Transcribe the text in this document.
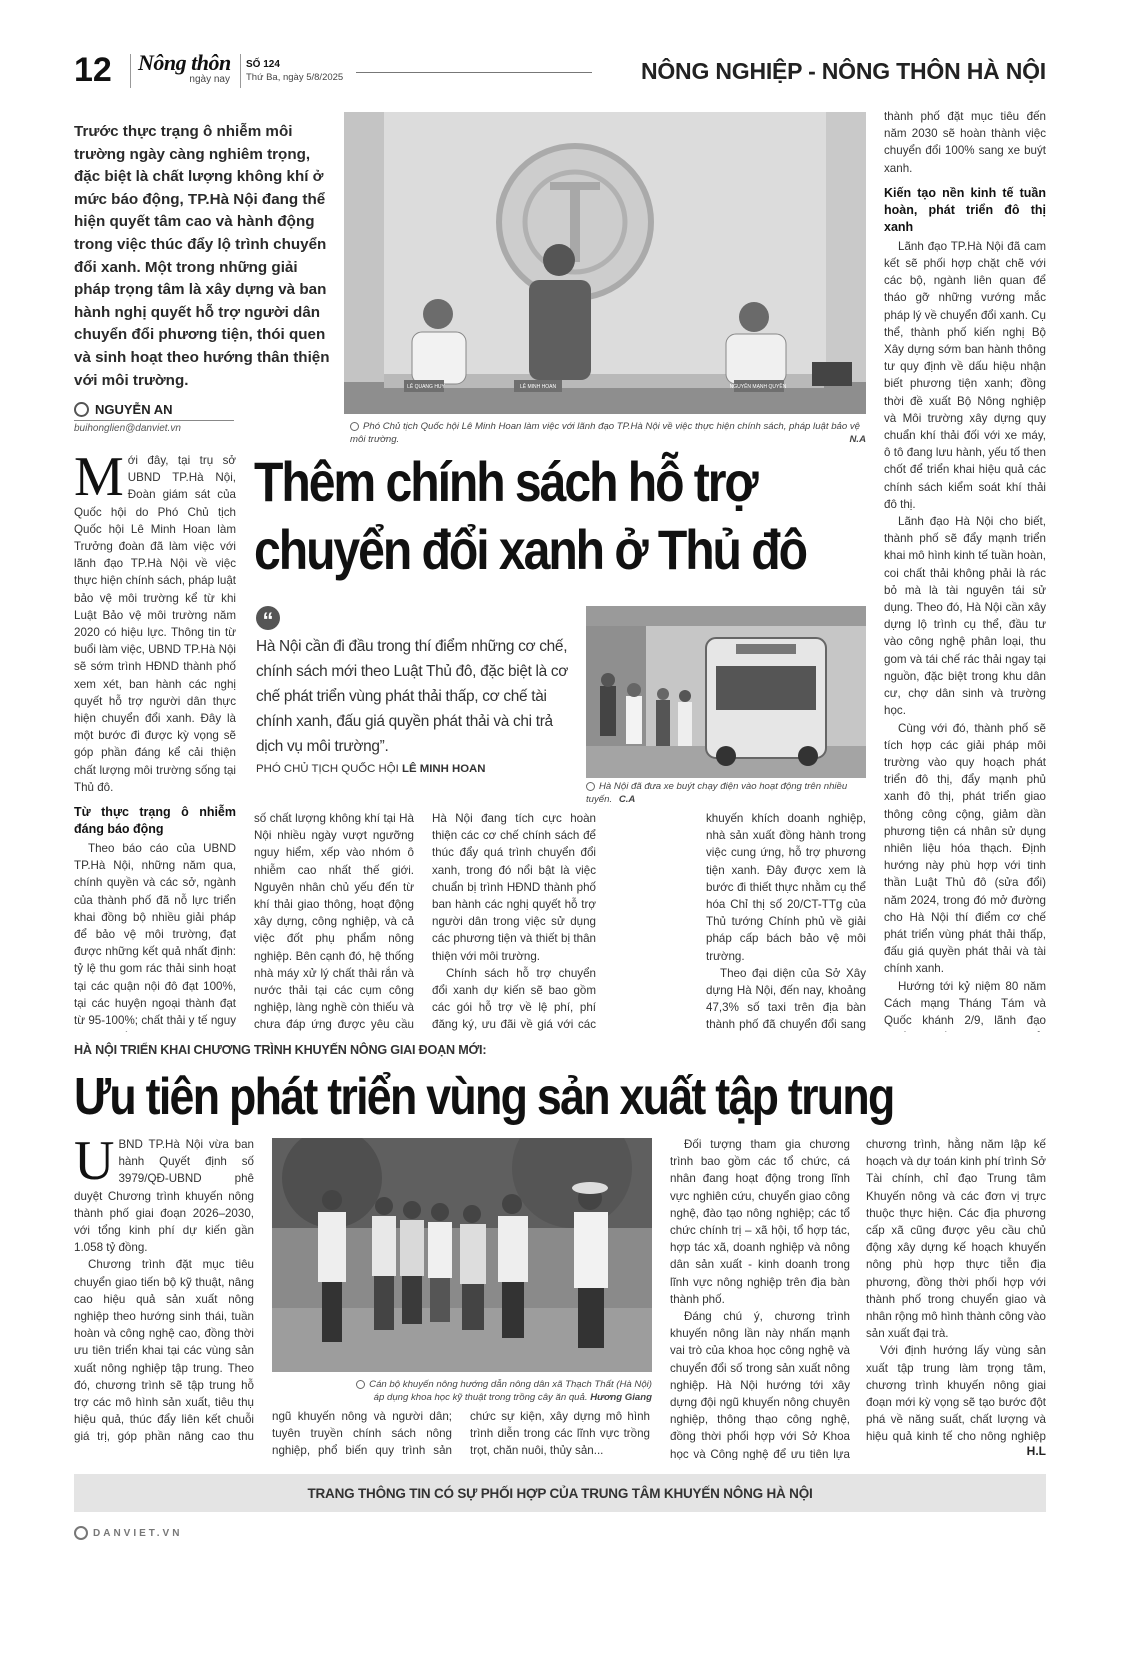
12 Nông thôn
ngày nay
SỐ 124
Thứ Ba, ngày 5/8/2025	NÔNG NGHIỆP - NÔNG THÔN HÀ NỘI
Trước thực trạng ô nhiễm môi trường ngày càng nghiêm trọng, đặc biệt là chất lượng không khí ở mức báo động, TP.Hà Nội đang thể hiện quyết tâm cao và hành động trong việc thúc đẩy lộ trình chuyển đổi xanh. Một trong những giải pháp trọng tâm là xây dựng và ban hành nghị quyết hỗ trợ người dân chuyển đổi phương tiện, thói quen và sinh hoạt theo hướng thân thiện với môi trường.
NGUYỄN AN
buihonglien@danviet.vn
LÊ QUANG HUY	LÊ MINH HOAN	NGUYỄN MẠNH QUYỀN
Phó Chủ tịch Quốc hội Lê Minh Hoan làm việc với lãnh đạo TP.Hà Nội về việc thực hiện chính sách, pháp luật bảo vệ môi trường.	N.A
Thêm chính sách hỗ trợ
chuyển đổi xanh ở Thủ đô
“
Hà Nội cần đi đầu trong thí điểm những cơ chế, chính sách mới theo Luật Thủ đô, đặc biệt là cơ chế phát triển vùng phát thải thấp, cơ chế tài chính xanh, đấu giá quyền phát thải và chi trả dịch vụ môi trường”.
PHÓ CHỦ TỊCH QUỐC HỘI LÊ MINH HOAN
Hà Nội đã đưa xe buýt chạy điện vào hoạt động trên nhiều tuyến. C.A

Mới đây, tại trụ sở UBND TP.Hà Nội, Đoàn giám sát của Quốc hội do Phó Chủ tịch Quốc hội Lê Minh Hoan làm Trưởng đoàn đã làm việc với lãnh đạo TP.Hà Nội về việc thực hiện chính sách, pháp luật bảo vệ môi trường kể từ khi Luật Bảo vệ môi trường năm 2020 có hiệu lực. Thông tin từ buổi làm việc, UBND TP.Hà Nội sẽ sớm trình HĐND thành phố xem xét, ban hành các nghị quyết hỗ trợ người dân thực hiện chuyển đổi xanh. Đây là một bước đi được kỳ vọng sẽ góp phần đáng kể cải thiện chất lượng môi trường sống tại Thủ đô.

Từ thực trạng ô nhiễm đáng báo động

Theo báo cáo của UBND TP.Hà Nội, những năm qua, chính quyền và các sở, ngành của thành phố đã nỗ lực triển khai đồng bộ nhiều giải pháp để bảo vệ môi trường, đạt được những kết quả nhất định: tỷ lệ thu gom rác thải sinh hoạt tại các quận nội đô đạt 100%, tại các huyện ngoại thành đạt từ 95-100%; chất thải y tế nguy

số chất lượng không khí tại Hà Nội nhiều ngày vượt ngưỡng nguy hiểm, xếp vào nhóm ô nhiễm cao nhất thế giới. Nguyên nhân chủ yếu đến từ khí thải giao thông, hoạt động xây dựng, công nghiệp, và cả việc đốt phụ phẩm nông nghiệp. Bên cạnh đó, hệ thống nhà máy xử lý chất thải rắn và nước thải tại các cụm công nghiệp, làng nghề còn thiếu và chưa đáp ứng được yêu cầu

Hà Nội đang tích cực hoàn thiện các cơ chế chính sách để thúc đẩy quá trình chuyển đổi xanh, trong đó nổi bật là việc chuẩn bị trình HĐND thành phố ban hành các nghị quyết hỗ trợ người dân trong việc sử dụng các phương tiện và thiết bị thân thiện với môi trường.

Chính sách hỗ trợ chuyển đổi xanh dự kiến sẽ bao gồm các gói hỗ trợ về lệ phí, phí đăng ký, ưu đãi về giá với các

khuyến khích doanh nghiệp, nhà sản xuất đồng hành trong việc cung ứng, hỗ trợ phương tiện xanh. Đây được xem là bước đi thiết thực nhằm cụ thể hóa Chỉ thị số 20/CT-TTg của Thủ tướng Chính phủ về giải pháp cấp bách bảo vệ môi trường.

Theo đại diện của Sở Xây dựng Hà Nội, đến nay, khoảng 47,3% số taxi trên địa bàn thành phố đã chuyển đổi sang

thành phố đặt mục tiêu đến năm 2030 sẽ hoàn thành việc chuyển đổi 100% sang xe buýt xanh.

Kiến tạo nền kinh tế tuần hoàn, phát triển đô thị xanh

Lãnh đạo TP.Hà Nội đã cam kết sẽ phối hợp chặt chẽ với các bộ, ngành liên quan để tháo gỡ những vướng mắc pháp lý về chuyển đổi xanh. Cụ thể, thành phố kiến nghị Bộ Xây dựng sớm ban hành thông tư quy định về dấu hiệu nhận biết phương tiện xanh; đồng thời đề xuất Bộ Nông nghiệp và Môi trường xây dựng quy chuẩn khí thải đối với xe máy, ô tô đang lưu hành, yếu tố then chốt để triển khai hiệu quả các chính sách kiểm soát khí thải đô thị.

Lãnh đạo Hà Nội cho biết, thành phố sẽ đẩy mạnh triển khai mô hình kinh tế tuần hoàn, coi chất thải không phải là rác bỏ mà là tài nguyên tái sử dụng. Theo đó, Hà Nội cần xây dựng lộ trình cụ thể, đầu tư vào công nghệ phân loại, thu gom và tái chế rác thải ngay tại nguồn, đặc biệt trong khu dân cư, chợ dân sinh và trường học.

Cùng với đó, thành phố sẽ tích hợp các giải pháp môi trường vào quy hoạch phát triển đô thị, đẩy mạnh phủ xanh đô thị, phát triển giao thông công cộng, giảm dần phương tiện cá nhân sử dụng nhiên liệu hóa thạch. Định hướng này phù hợp với tinh thần Luật Thủ đô (sửa đổi) năm 2024, trong đó mở đường cho Hà Nội thí điểm cơ chế phát triển vùng phát thải thấp, đấu giá quyền phát thải và tài chính xanh.

Hướng tới kỷ niệm 80 năm Cách mạng Tháng Tám và Quốc khánh 2/9, lãnh đạo

HÀ NỘI TRIỂN KHAI CHƯƠNG TRÌNH KHUYẾN NÔNG GIAI ĐOẠN MỚI:
Ưu tiên phát triển vùng sản xuất tập trung

UBND TP.Hà Nội vừa ban hành Quyết định số 3979/QĐ-UBND phê duyệt Chương trình khuyến nông thành phố giai đoạn 2026–2030, với tổng kinh phí dự kiến gần 1.058 tỷ đồng.

Chương trình đặt mục tiêu chuyển giao tiến bộ kỹ thuật, nâng cao hiệu quả sản xuất nông nghiệp theo hướng sinh thái, tuần hoàn và công nghệ cao, đồng thời ưu tiên triển khai tại các vùng sản xuất nông nghiệp tập trung. Theo đó, chương trình sẽ tập trung hỗ trợ các mô hình sản xuất, tiêu thụ hiệu quả, thúc đẩy liên kết chuỗi giá trị, góp phần nâng cao thu

Cán bộ khuyến nông hướng dẫn nông dân xã Thạch Thất (Hà Nội)
áp dụng khoa học kỹ thuật trong trồng cây ăn quả. Hương Giang

ngũ khuyến nông và người dân; tuyên truyền chính sách nông nghiệp, phổ biến quy trình sản

chức sự kiện, xây dựng mô hình trình diễn trong các lĩnh vực trồng trọt, chăn nuôi, thủy sản...

Đối tượng tham gia chương trình bao gồm các tổ chức, cá nhân đang hoạt động trong lĩnh vực nghiên cứu, chuyển giao công nghệ, đào tạo nông nghiệp; các tổ chức chính trị – xã hội, tổ hợp tác, hợp tác xã, doanh nghiệp và nông dân sản xuất - kinh doanh trong lĩnh vực nông nghiệp trên địa bàn thành phố.

Đáng chú ý, chương trình khuyến nông lần này nhấn mạnh vai trò của khoa học công nghệ và chuyển đổi số trong sản xuất nông nghiệp. Hà Nội hướng tới xây dựng đội ngũ khuyến nông chuyên nghiệp, thông thạo công nghệ, đồng thời phối hợp với Sở Khoa học và Công nghệ để ưu tiên lựa

chương trình, hằng năm lập kế hoạch và dự toán kinh phí trình Sở Tài chính, chỉ đạo Trung tâm Khuyến nông và các đơn vị trực thuộc thực hiện. Các địa phương cấp xã cũng được yêu cầu chủ động xây dựng kế hoạch khuyến nông phù hợp thực tiễn địa phương, đồng thời phối hợp với thành phố trong chuyển giao và nhân rộng mô hình thành công vào sản xuất đại trà.

Với định hướng lấy vùng sản xuất tập trung làm trọng tâm, chương trình khuyến nông giai đoạn mới kỳ vọng sẽ tạo bước đột phá về năng suất, chất lượng và hiệu quả kinh tế cho nông nghiệp

H.L
TRANG THÔNG TIN CÓ SỰ PHỐI HỢP CỦA TRUNG TÂM KHUYẾN NÔNG HÀ NỘI
DANVIET.VN
